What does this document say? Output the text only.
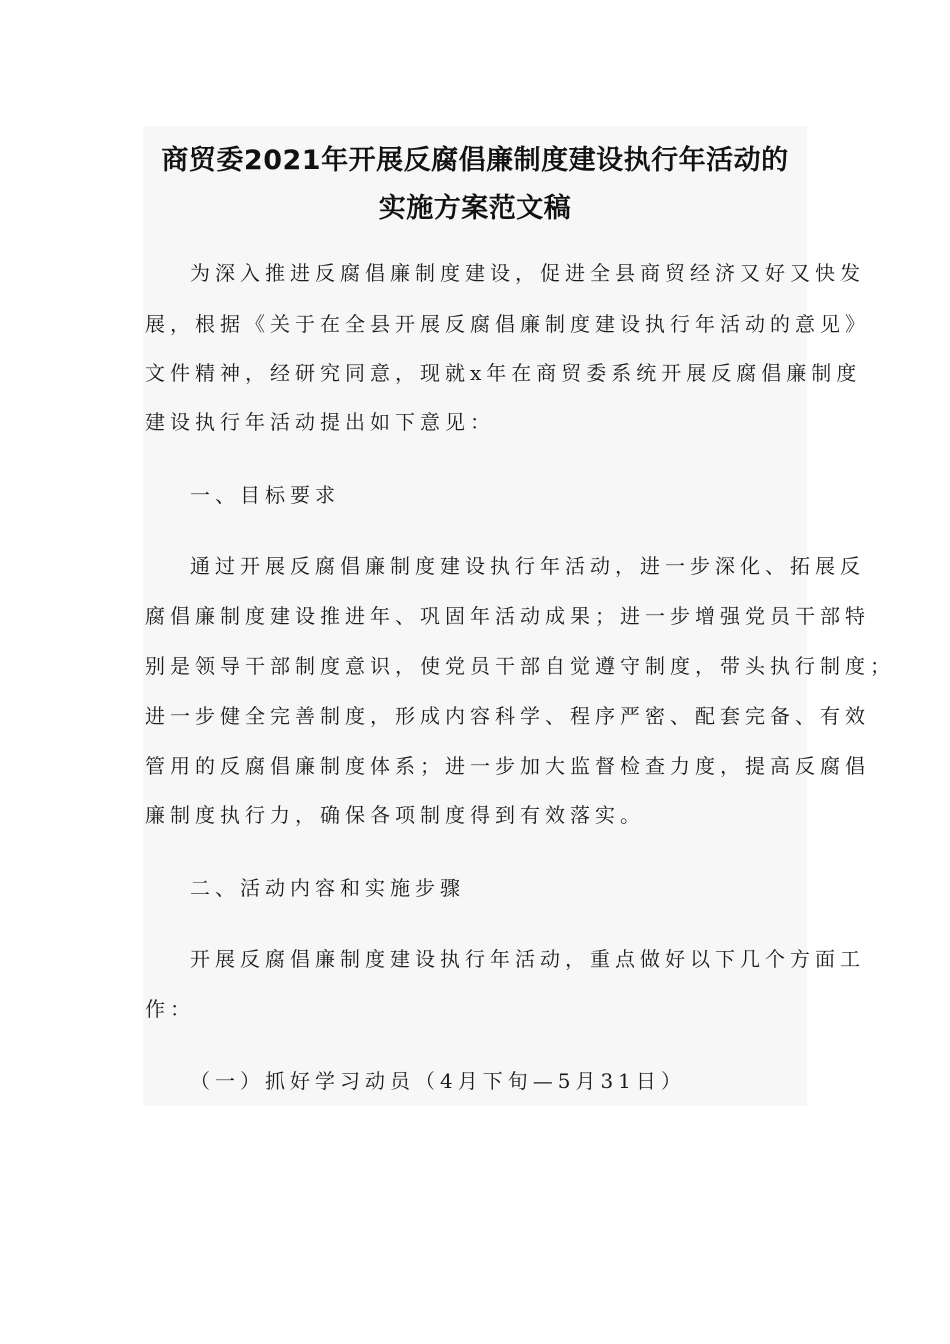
商贸委2021年开展反腐倡廉制度建设执行年活动的
实施方案范文稿
为深入推进反腐倡廉制度建设，促进全县商贸经济又好又快发
展，根据《关于在全县开展反腐倡廉制度建设执行年活动的意见》
文件精神，经研究同意，现就x年在商贸委系统开展反腐倡廉制度
建设执行年活动提出如下意见：
一、目标要求
通过开展反腐倡廉制度建设执行年活动，进一步深化、拓展反
腐倡廉制度建设推进年、巩固年活动成果；进一步增强党员干部特
别是领导干部制度意识，使党员干部自觉遵守制度，带头执行制度；
进一步健全完善制度，形成内容科学、程序严密、配套完备、有效
管用的反腐倡廉制度体系；进一步加大监督检查力度，提高反腐倡
廉制度执行力，确保各项制度得到有效落实。
二、活动内容和实施步骤
开展反腐倡廉制度建设执行年活动，重点做好以下几个方面工
作：
（一）抓好学习动员（4月下旬—5月31日）
